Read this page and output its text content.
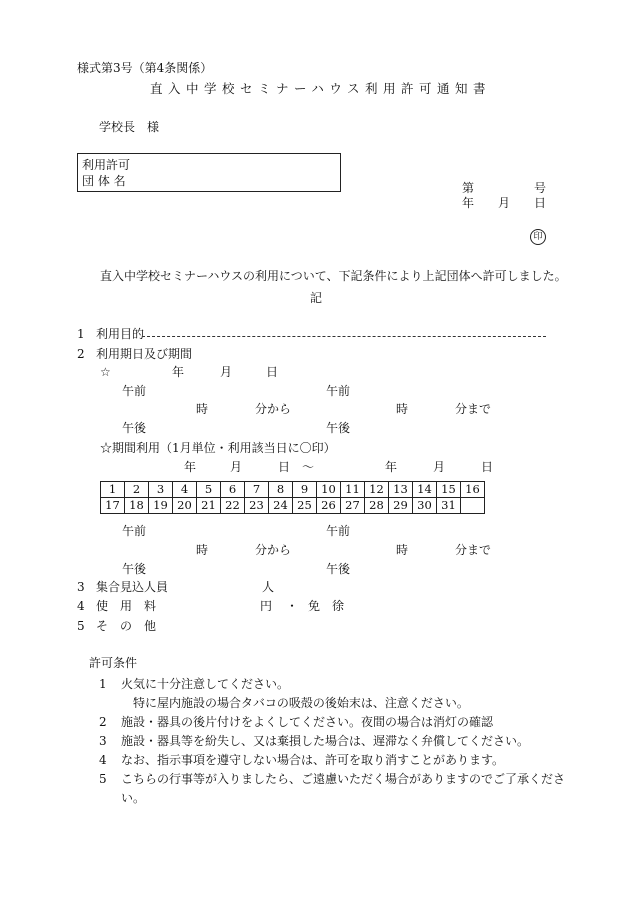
様式第3号（第4条関係）
直入中学校セミナーハウス利用許可通知書
学校長　様
利用許可
団 体 名	第	号
年 月 日
印
直入中学校セミナーハウスの利用について、下記条件により上記団体へ許可しました。
記
1 利用目的
2 利用期日及び期間
☆	年	月	日
午前	午前
時	分から	時	分まで
午後	午後
☆期間利用（1月単位・利用該当日に〇印）
年	月	日 ～	年	月	日
1	2	3	4	5	6	7	8	9	10	11	12	13	14	15	16
17	18	19	20	21	22	23	24	25	26	27	28	29	30	31	
午前	午前
時	分から	時	分まで
午後	午後
3 集合見込人員	人
4 使　用　料	円 ・ 免　徐
5 そ　の　他
許可条件
1 火気に十分注意してください。
特に屋内施設の場合タバコの吸殻の後始末は、注意ください。
2 施設・器具の後片付けをよくしてください。夜間の場合は消灯の確認
3 施設・器具等を紛失し、又は棄損した場合は、遅滞なく弁償してください。
4 なお、指示事項を遵守しない場合は、許可を取り消すことがあります。
5 こちらの行事等が入りましたら、ご遠慮いただく場合がありますのでご了承くださ
い。
